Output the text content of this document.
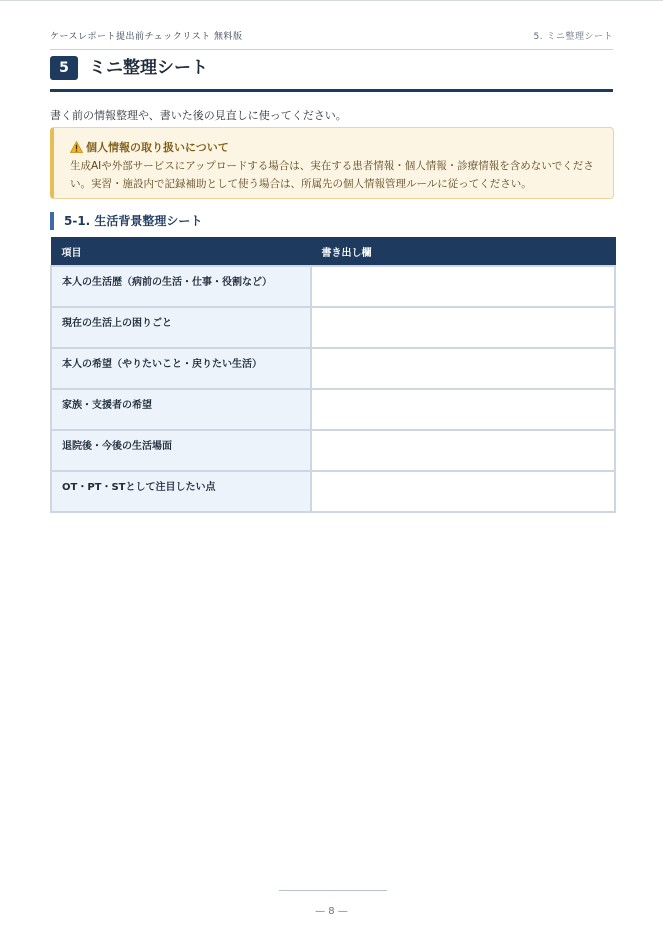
ケースレポート提出前チェックリスト 無料版	5. ミニ整理シート
5	ミニ整理シート
書く前の情報整理や、書いた後の見直しに使ってください。
個人情報の取り扱いについて
生成AIや外部サービスにアップロードする場合は、実在する患者情報・個人情報・診療情報を含めないでください。実習・施設内で記録補助として使う場合は、所属先の個人情報管理ルールに従ってください。
5-1. 生活背景整理シート
項目	書き出し欄
本人の生活歴（病前の生活・仕事・役割など）	
現在の生活上の困りごと	
本人の希望（やりたいこと・戻りたい生活）	
家族・支援者の希望	
退院後・今後の生活場面	
OT・PT・STとして注目したい点	
— 8 —
